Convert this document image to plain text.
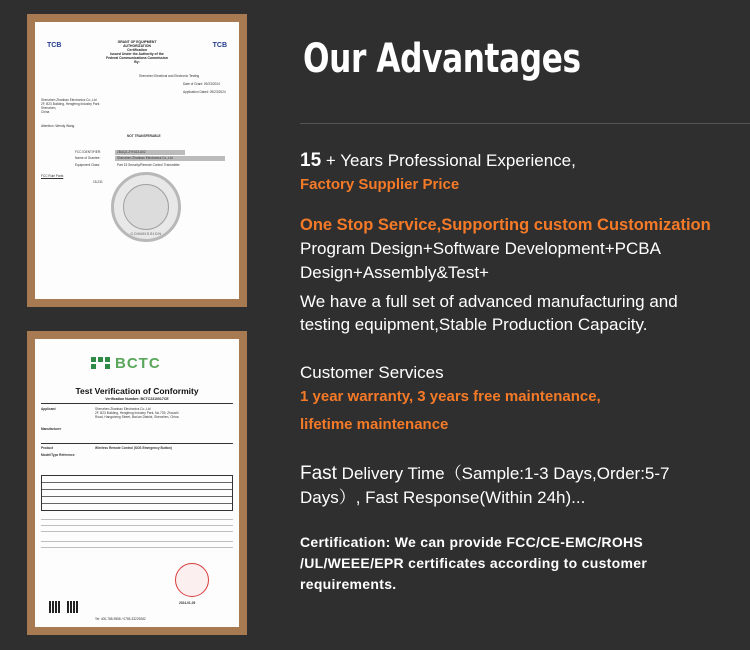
TCB	TCB
GRANT OF EQUIPMENT
AUTHORIZATION
Certification
Issued Under the Authority of the
Federal Communications Commission
By:
Shenzhen Electrical and Electronic Testing
Date of Grant: 09/23/2024
Application Dated: 09/23/2024
Shenzhen Zhanbao Electronics Co.,Ltd
2F, B23 Building, Hengfeng Industry Park
Shenzhen,
China
Attention: Wendy Wang
NOT TRANSFERABLE
FCC IDENTIFIER:	2BAQ2-ZYNG3-A02
Name of Grantee:	Shenzhen Zhanbao Electronics Co.,Ltd
Equipment Class:	Part 15 Security/Remote Control Transmitter
FCC Rule Parts
15.231
COMMISSION
BCTC
Test Verification of Conformity
Verification Number: BCTC2310017CE
Applicant	Shenzhen Zhanbao Electronics Co.,Ltd
2F, B23 Building, Hengfeng Industry Park, No.739, Zhoushi
Road, Hangcheng Street, Bao'an District, Shenzhen, China
Manufacturer
Product	Wireless Remote Control (SOS Emergency Button)
Model/Type Reference
2024-01-09
Tel: 400-788-9558 / 0755-33229282
Our Advantages
15 + Years Professional Experience,
Factory Supplier Price
One Stop Service,Supporting custom Customization
Program Design+Software Development+PCBA
Design+Assembly&Test+
We have a full set of advanced manufacturing and
testing equipment,Stable Production Capacity.
Customer Services
1 year warranty, 3 years free maintenance,
lifetime maintenance
Fast Delivery Time（Sample:1-3 Days,Order:5-7
Days）, Fast Response(Within 24h)...
Certification: We can provide FCC/CE-EMC/ROHS
/UL/WEEE/EPR certificates according to customer
requirements.
